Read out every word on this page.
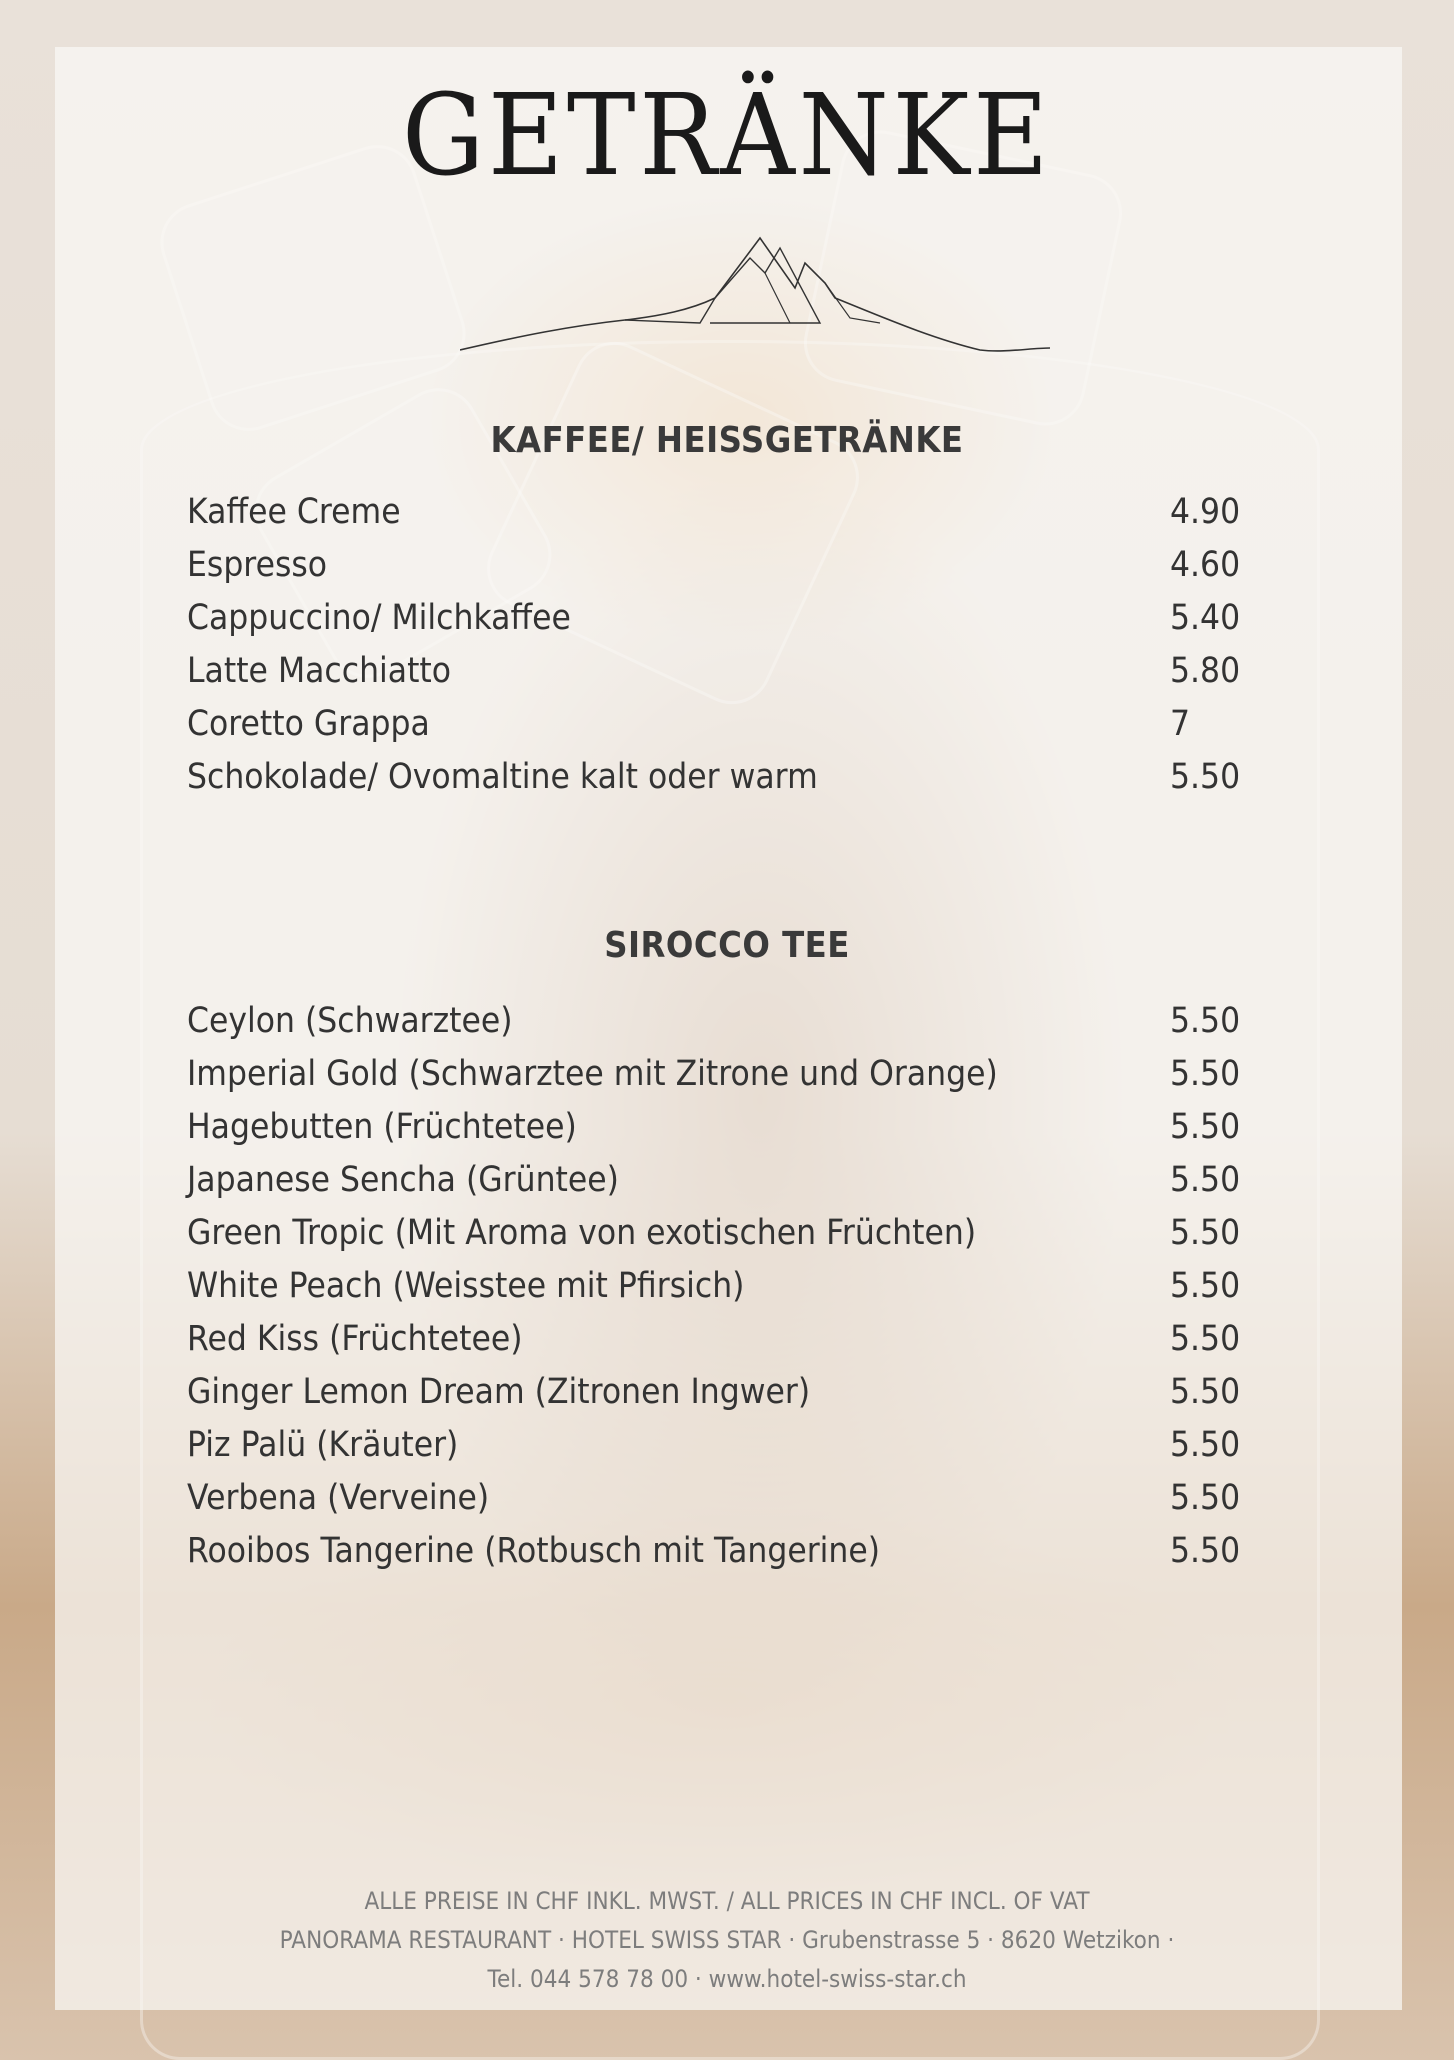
GETRÄNKE
KAFFEE/ HEISSGETRÄNKE
Kaffee Creme	4.90
Espresso	4.60
Cappuccino/ Milchkaffee	5.40
Latte Macchiatto	5.80
Coretto Grappa	7
Schokolade/ Ovomaltine kalt oder warm	5.50
SIROCCO TEE
Ceylon (Schwarztee)	5.50
Imperial Gold (Schwarztee mit Zitrone und Orange)	5.50
Hagebutten (Früchtetee)	5.50
Japanese Sencha (Grüntee)	5.50
Green Tropic (Mit Aroma von exotischen Früchten)	5.50
White Peach (Weisstee mit Pfirsich)	5.50
Red Kiss (Früchtetee)	5.50
Ginger Lemon Dream (Zitronen Ingwer)	5.50
Piz Palü (Kräuter)	5.50
Verbena (Verveine)	5.50
Rooibos Tangerine (Rotbusch mit Tangerine)	5.50
ALLE PREISE IN CHF INKL. MWST. / ALL PRICES IN CHF INCL. OF VAT
PANORAMA RESTAURANT · HOTEL SWISS STAR · Grubenstrasse 5 · 8620 Wetzikon ·
Tel. 044 578 78 00 · www.hotel-swiss-star.ch
